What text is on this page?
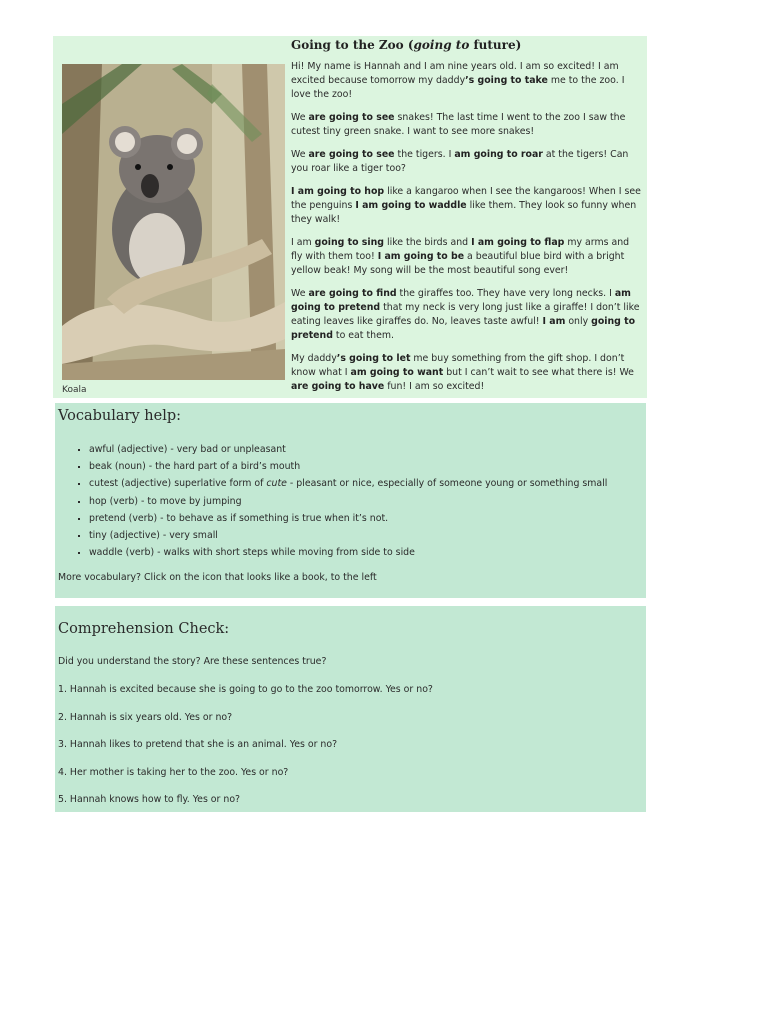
Koala
Going to the Zoo (going to future)

Hi! My name is Hannah and I am nine years old. I am so excited! I am excited because tomorrow my daddy’s going to take me to the zoo. I love the zoo!

We are going to see snakes! The last time I went to the zoo I saw the cutest tiny green snake. I want to see more snakes!

We are going to see the tigers. I am going to roar at the tigers! Can you roar like a tiger too?

I am going to hop like a kangaroo when I see the kangaroos! When I see the penguins I am going to waddle like them. They look so funny when they walk!

I am going to sing like the birds and I am going to flap my arms and fly with them too! I am going to be a beautiful blue bird with a bright yellow beak! My song will be the most beautiful song ever!

We are going to find the giraffes too. They have very long necks. I am going to pretend that my neck is very long just like a giraffe! I don’t like eating leaves like giraffes do. No, leaves taste awful! I am only going to pretend to eat them.

My daddy’s going to let me buy something from the gift shop. I don’t know what I am going to want but I can’t wait to see what there is! We are going to have fun! I am so excited!

Vocabulary help:
▪ awful (adjective) - very bad or unpleasant
▪ beak (noun) - the hard part of a bird’s mouth
▪ cutest (adjective) superlative form of cute - pleasant or nice, especially of someone young or something small
▪ hop (verb) - to move by jumping
▪ pretend (verb) - to behave as if something is true when it’s not.
▪ tiny (adjective) - very small
▪ waddle (verb) - walks with short steps while moving from side to side
More vocabulary? Click on the icon that looks like a book, to the left
Comprehension Check:
Did you understand the story? Are these sentences true?
1. Hannah is excited because she is going to go to the zoo tomorrow. Yes or no?
2. Hannah is six years old. Yes or no?
3. Hannah likes to pretend that she is an animal. Yes or no?
4. Her mother is taking her to the zoo. Yes or no?
5. Hannah knows how to fly. Yes or no?
